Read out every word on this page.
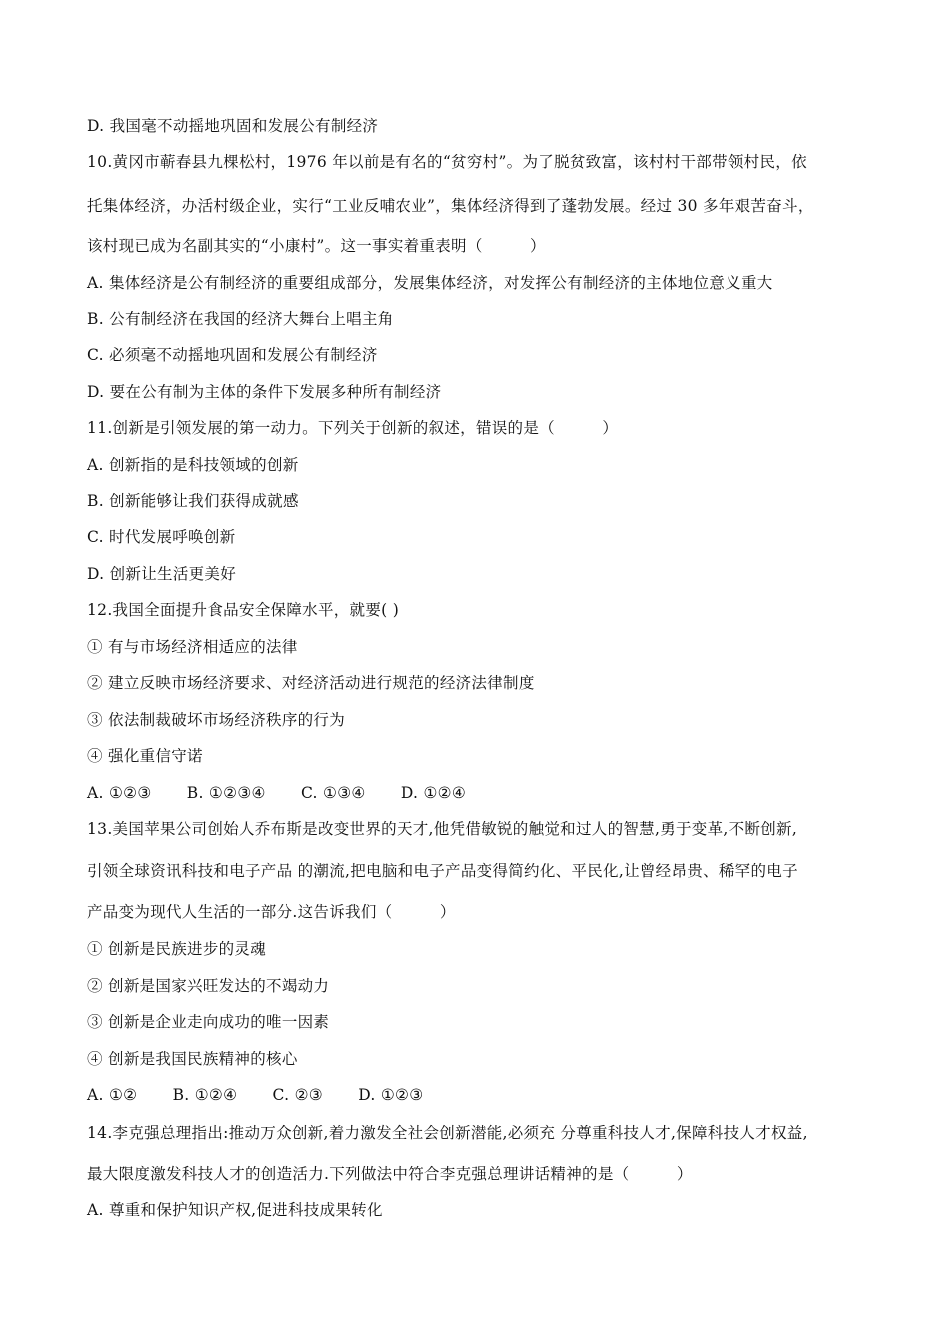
D. 我国毫不动摇地巩固和发展公有制经济
10.黄冈市蕲春县九棵松村，1976 年以前是有名的“贫穷村”。为了脱贫致富，该村村干部带领村民，依
托集体经济，办活村级企业，实行“工业反哺农业”，集体经济得到了蓬勃发展。经过 30 多年艰苦奋斗，
该村现已成为名副其实的“小康村”。这一事实着重表明（　　　）
A. 集体经济是公有制经济的重要组成部分，发展集体经济，对发挥公有制经济的主体地位意义重大
B. 公有制经济在我国的经济大舞台上唱主角
C. 必须毫不动摇地巩固和发展公有制经济
D. 要在公有制为主体的条件下发展多种所有制经济
11.创新是引领发展的第一动力。下列关于创新的叙述，错误的是（　　　）
A. 创新指的是科技领域的创新
B. 创新能够让我们获得成就感
C. 时代发展呼唤创新
D. 创新让生活更美好
12.我国全面提升食品安全保障水平，就要( )
① 有与市场经济相适应的法律
② 建立反映市场经济要求、对经济活动进行规范的经济法律制度
③ 依法制裁破坏市场经济秩序的行为
④ 强化重信守诺
A. ①②③ B. ①②③④ C. ①③④ D. ①②④
13.美国苹果公司创始人乔布斯是改变世界的天才,他凭借敏锐的触觉和过人的智慧,勇于变革,不断创新,
引领全球资讯科技和电子产品 的潮流,把电脑和电子产品变得简约化、平民化,让曾经昂贵、稀罕的电子
产品变为现代人生活的一部分.这告诉我们（　　　）
① 创新是民族进步的灵魂
② 创新是国家兴旺发达的不竭动力
③ 创新是企业走向成功的唯一因素
④ 创新是我国民族精神的核心
A. ①② B. ①②④ C. ②③ D. ①②③
14.李克强总理指出:推动万众创新,着力激发全社会创新潜能,必须充 分尊重科技人才,保障科技人才权益,
最大限度激发科技人才的创造活力.下列做法中符合李克强总理讲话精神的是（　　　）
A. 尊重和保护知识产权,促进科技成果转化
